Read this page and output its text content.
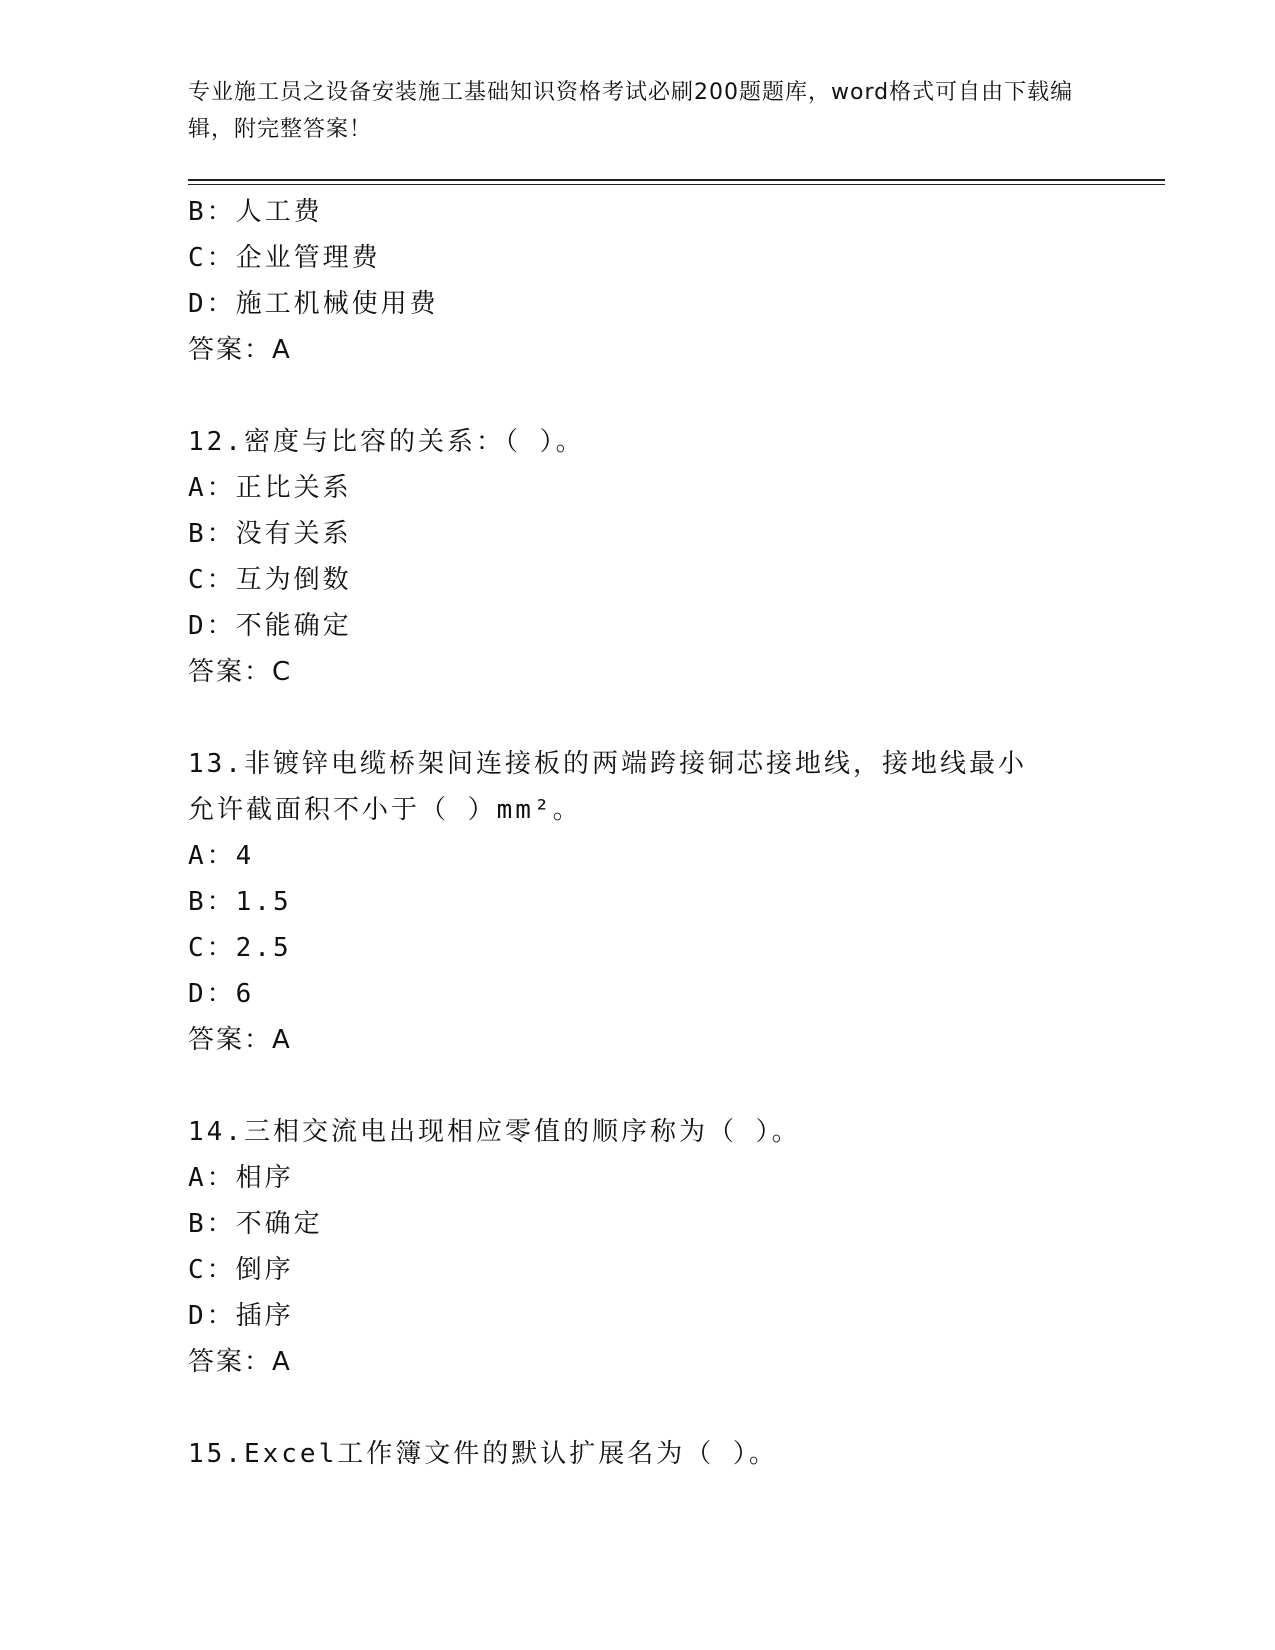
专业施工员之设备安装施工基础知识资格考试必刷200题题库，word格式可自由下载编辑，附完整答案！
B：人工费
C：企业管理费
D：施工机械使用费
答案：A
12.密度与比容的关系：（ ）。
A：正比关系
B：没有关系
C：互为倒数
D：不能确定
答案：C
13.非镀锌电缆桥架间连接板的两端跨接铜芯接地线，接地线最小允许截面积不小于（ ）mm²。
A：4
B：1.5
C：2.5
D：6
答案：A
14.三相交流电出现相应零值的顺序称为（ ）。
A：相序
B：不确定
C：倒序
D：插序
答案：A
15.Excel工作簿文件的默认扩展名为（ ）。
